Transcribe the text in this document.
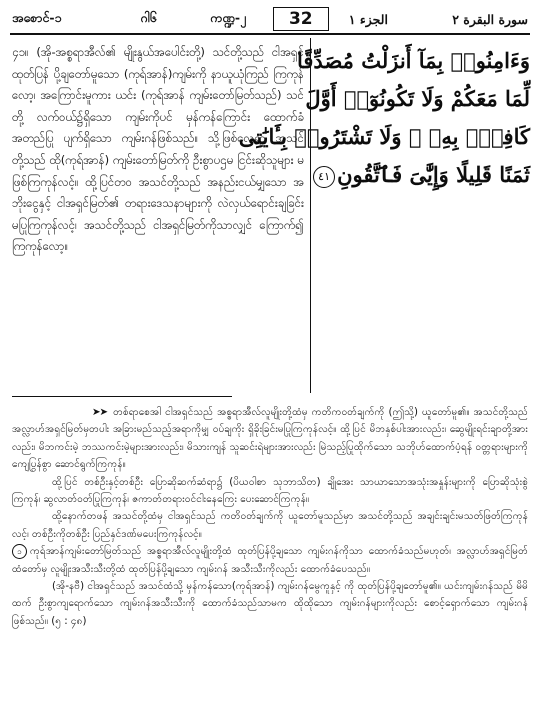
အစောင်-၁	ဂါ၆	ကဏ္ဍ-၂	32	الجزء ١	سورة البقرة ٢

၄၁။ (အို-အစ္စရာအီလ်၏ မျိုးနွယ်အပေါင်းတို့) သင်တို့သည် ငါအရှင် ထုတ်ပြန် ပို့ချတော်မူသော (ကုရ်အာန်)ကျမ်းကို နာယူယုံကြည် ကြကုန်လော့၊ အကြောင်းမူကား ယင်း (ကုရ်အာန် ကျမ်းတော်မြတ်သည်) သင်တို့ လက်ဝယ်၌ရှိသော ကျမ်းကိုပင် မှန်ကန်ကြောင်း ထောက်ခံအတည်ပြု ပျက်ရှိသော ကျမ်းဂန်ဖြစ်သည်။ သို့ဖြစ်လေရာ အသင်တို့သည် ထို(ကုရ်အာန်) ကျမ်းတော်မြတ်ကို ဦးစွာပဌမ ငြင်းဆိုသူများ မဖြစ်ကြကုန်လင့်။ ထို့ပြင်တဝ အသင်တို့သည် အနည်းငယ်မျှသော အဘိုးငွေနှင့် ငါအရှင်မြတ်၏ တရားဒေသနာများကို လဲလှယ်ရောင်းချခြင်း မပြုကြကုန်လင့်၊ အသင်တို့သည် ငါအရှင်မြတ်ကိုသာလျှင် ကြောက်၍ ကြကုန်လော့။

وَءَامِنُوا۟ بِمَآ أَنزَلْتُ مُصَدِّقًا
لِّمَا مَعَكُمْ وَلَا تَكُونُوٓا۟ أَوَّلَ
كَافِرٍۭ بِهِۦ ۖ وَلَا تَشْتَرُوا۟ بِـَٔايَٰتِى
ثَمَنًا قَلِيلًا وَإِيَّٰىَ فَٱتَّقُونِ٤١

➤➤ တစ်ရာစေအါ ငါအရှင်သည် အစ္စရာအီလ်လူမျိုးတို့ထံမှ ကတိကဝတ်ချက်ကို (ဤသို့) ယူတော်မူ၏။ အသင်တို့သည် အလ္လာဟ်အရှင်မြတ်မှတပါး အခြားမည်သည့်အရာကိုမျှ ဝပ်ချကိုး ရှိခိုးခြင်းမပြုကြကုန်လင့်။ ထို့ပြင် မိဘနှစ်ပါးအားလည်း၊ ဆွေမျိုးရင်းချာတို့အားလည်း၊ မိဘကင်းမဲ့ ဘဿကင်းမဲ့များအားလည်း၊ မိသားကျန် သူဆင်းရဲများအားလည်း မြဲသည့်ပြုထိုက်သော သဘိုဟ်ထောက်ပံ့ရန် ဝတ္တရားများကို ကျေပြွန်စွာ ဆောင်ရွက်ကြကုန်။

ထို့ပြင် တစ်ဦးနှင့်တစ်ဦး ပြောဆိုဆက်ဆံရာ၌ (ပိယဝါစာ သုဘာသိတ) ချိုအေး သာယာသောအသုံးအနှုန်းများကို ပြောဆိုသုံးစွဲကြကုန်၊ ဆွလာတ်ဝတ်ပြုကြကုန်၊ ဇကာတ်တရားဝင်ငါးနေကြေး ပေးဆောင်ကြကုန်။

ထို့နောက်တဖန် အသင်တို့ထံမှ ငါအရှင်သည် ကတိဝတ်ချက်ကို ယူတော်မူသည်မှာ အသင်တို့သည် အချင်းချင်းမသတ်ဖြတ်ကြကုန်လင့်၊ တစ်ဦးကိုတစ်ဦး ပြည်နှင်ဒဏ်မပေးကြကုန်လင့်။

၁ ကုရ်အာန်ကျမ်းတော်မြတ်သည် အစ္စရာအီလ်လူမျိုးတို့ထံ ထုတ်ပြန်ပို့ချသော ကျမ်းဂန်ကိုသာ ထောက်ခံသည်မဟုတ်၊ အလ္လာဟ်အရှင်မြတ် ထံတော်မှ လူမျိုးအသီးသီးတို့ထံ ထုတ်ပြန်ပို့ချသော ကျမ်းဂန် အသီးသီးကိုလည်း ထောက်ခံပေသည်။

(အို-နဗီ) ငါအရှင်သည် အသင်ထံသို့ မှန်ကန်သော(ကုရ်အာန်) ကျမ်းဂန်မွေကူနှင့် ကို ထုတ်ပြန်ပို့ချတော်မူ၏။ ယင်းကျမ်းဂန်သည် မိမိထက် ဦးစွာကျရောက်သော ကျမ်းဂန်အသီးသီးကို ထောက်ခံသည်သာမက ထိုထိုသော ကျမ်းဂန်များကိုလည်း စောင့်ရှောက်သော ကျမ်းဂန်ဖြစ်သည်။ (၅ : ၄၈)
